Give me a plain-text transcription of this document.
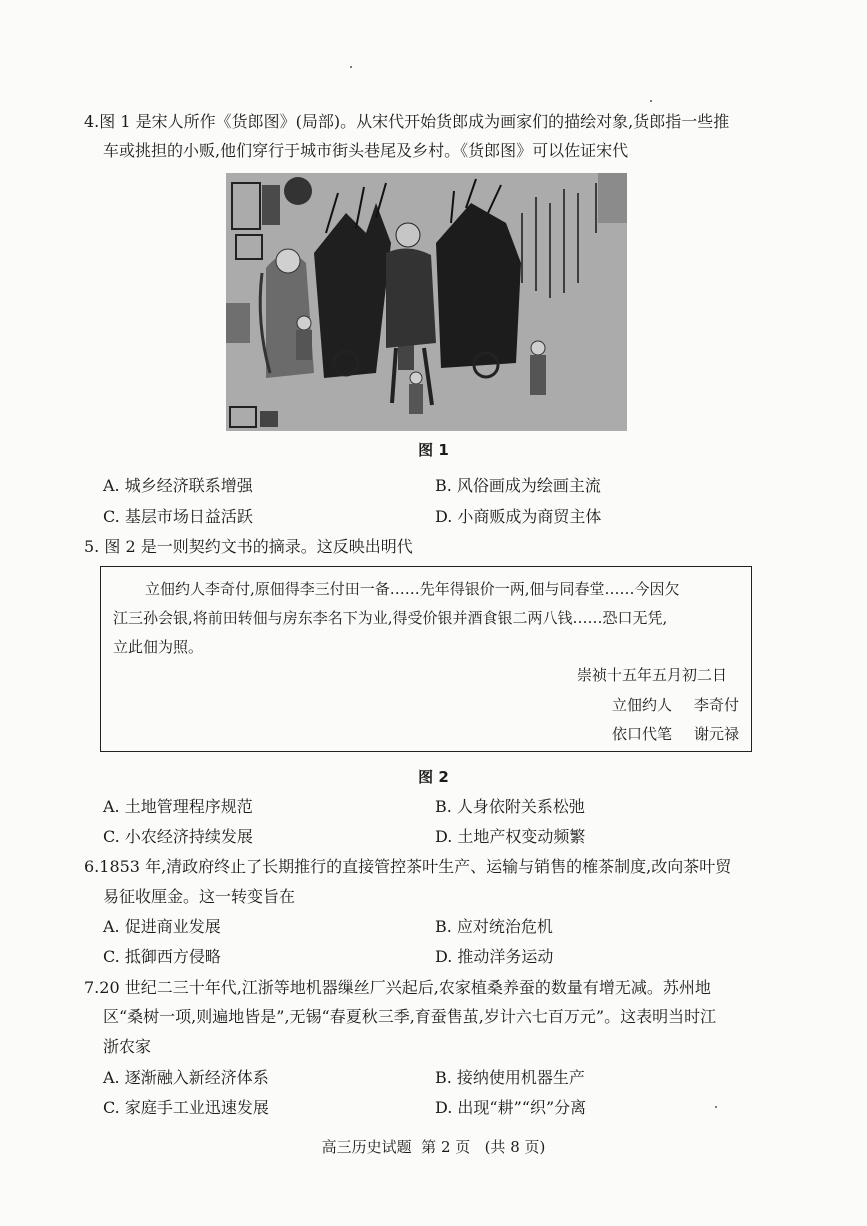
4.图 1 是宋人所作《货郎图》(局部)。从宋代开始货郎成为画家们的描绘对象,货郎指一些推
车或挑担的小贩,他们穿行于城市街头巷尾及乡村。《货郎图》可以佐证宋代
图 1
A. 城乡经济联系增强	B. 风俗画成为绘画主流
C. 基层市场日益活跃	D. 小商贩成为商贸主体
5. 图 2 是一则契约文书的摘录。这反映出明代
立佃约人李奇付,原佃得李三付田一备……先年得银价一两,佃与同春堂……今因欠
江三孙会银,将前田转佃与房东李名下为业,得受价银并酒食银二两八钱……恐口无凭,
立此佃为照。
崇祯十五年五月初二日
立佃约人 李奇付
依口代笔 谢元禄
图 2
A. 土地管理程序规范	B. 人身依附关系松弛
C. 小农经济持续发展	D. 土地产权变动频繁
6.1853 年,清政府终止了长期推行的直接管控茶叶生产、运输与销售的榷茶制度,改向茶叶贸
易征收厘金。这一转变旨在
A. 促进商业发展	B. 应对统治危机
C. 抵御西方侵略	D. 推动洋务运动
7.20 世纪二三十年代,江浙等地机器缫丝厂兴起后,农家植桑养蚕的数量有增无减。苏州地
区“桑树一项,则遍地皆是”,无锡“春夏秋三季,育蚕售茧,岁计六七百万元”。这表明当时江
浙农家
A. 逐渐融入新经济体系	B. 接纳使用机器生产
C. 家庭手工业迅速发展	D. 出现“耕”“织”分离
高三历史试题 第 2 页 (共 8 页)
